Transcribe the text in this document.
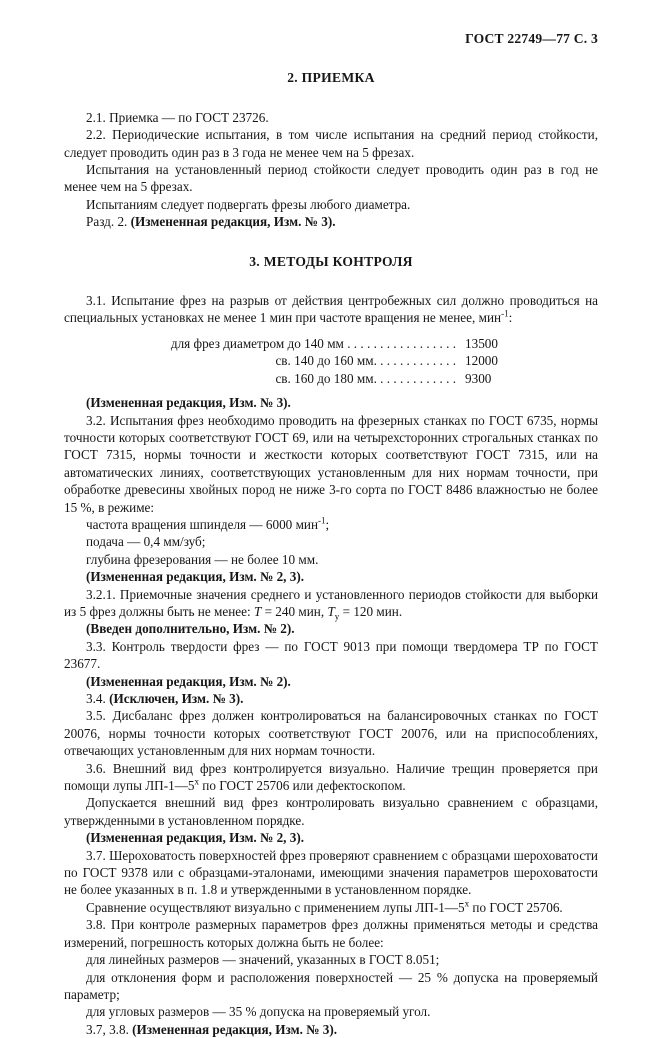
ГОСТ 22749—77 С. 3
2. ПРИЕМКА

2.1. Приемка — по ГОСТ 23726.

2.2. Периодические испытания, в том числе испытания на средний период стойкости, следует проводить один раз в 3 года не менее чем на 5 фрезах.

Испытания на установленный период стойкости следует проводить один раз в год не менее чем на 5 фрезах.

Испытаниям следует подвергать фрезы любого диаметра.

Разд. 2. (Измененная редакция, Изм. № 3).

3. МЕТОДЫ КОНТРОЛЯ

3.1. Испытание фрез на разрыв от действия центробежных сил должно проводиться на специальных установках не менее 1 мин при частоте вращения не менее, мин$^{-1}$:

для фрез диаметром до 140 мм . . . . . . . . . . . . . . . . . 13500
св. 140 до 160 мм. . . . . . . . . . . . . 12000
св. 160 до 180 мм. . . . . . . . . . . . . 9300

(Измененная редакция, Изм. № 3).

3.2. Испытания фрез необходимо проводить на фрезерных станках по ГОСТ 6735, нормы точности которых соответствуют ГОСТ 69, или на четырехсторонних строгальных станках по ГОСТ 7315, нормы точности и жесткости которых соответствуют ГОСТ 7315, или на автоматических линиях, соответствующих установленным для них нормам точности, при обработке древесины хвойных пород не ниже 3-го сорта по ГОСТ 8486 влажностью не более 15 %, в режиме:

частота вращения шпинделя — 6000 мин$^{-1}$;

подача — 0,4 мм/зуб;

глубина фрезерования — не более 10 мм.

(Измененная редакция, Изм. № 2, 3).

3.2.1. Приемочные значения среднего и установленного периодов стойкости для выборки из 5 фрез должны быть не менее: Т = 240 мин, $Т_у = 120$ мин.

(Введен дополнительно, Изм. № 2).

3.3. Контроль твердости фрез — по ГОСТ 9013 при помощи твердомера ТР по ГОСТ 23677.

(Измененная редакция, Изм. № 2).

3.4. (Исключен, Изм. № 3).

3.5. Дисбаланс фрез должен контролироваться на балансировочных станках по ГОСТ 20076, нормы точности которых соответствуют ГОСТ 20076, или на приспособлениях, отвечающих установленным для них нормам точности.

3.6. Внешний вид фрез контролируется визуально. Наличие трещин проверяется при помощи лупы $ЛП-1—5^х$ по ГОСТ 25706 или дефектоскопом.

Допускается внешний вид фрез контролировать визуально сравнением с образцами, утвержденными в установленном порядке.

(Измененная редакция, Изм. № 2, 3).

3.7. Шероховатость поверхностей фрез проверяют сравнением с образцами шероховатости по ГОСТ 9378 или с образцами-эталонами, имеющими значения параметров шероховатости не более указанных в п. 1.8 и утвержденными в установленном порядке.

Сравнение осуществляют визуально с применением лупы $ЛП-1—5^х$ по ГОСТ 25706.

3.8. При контроле размерных параметров фрез должны применяться методы и средства измерений, погрешность которых должна быть не более:

для линейных размеров — значений, указанных в ГОСТ 8.051;

для отклонения форм и расположения поверхностей — 25 % допуска на проверяемый параметр;

для угловых размеров — 35 % допуска на проверяемый угол.

3.7, 3.8. (Измененная редакция, Изм. № 3).
